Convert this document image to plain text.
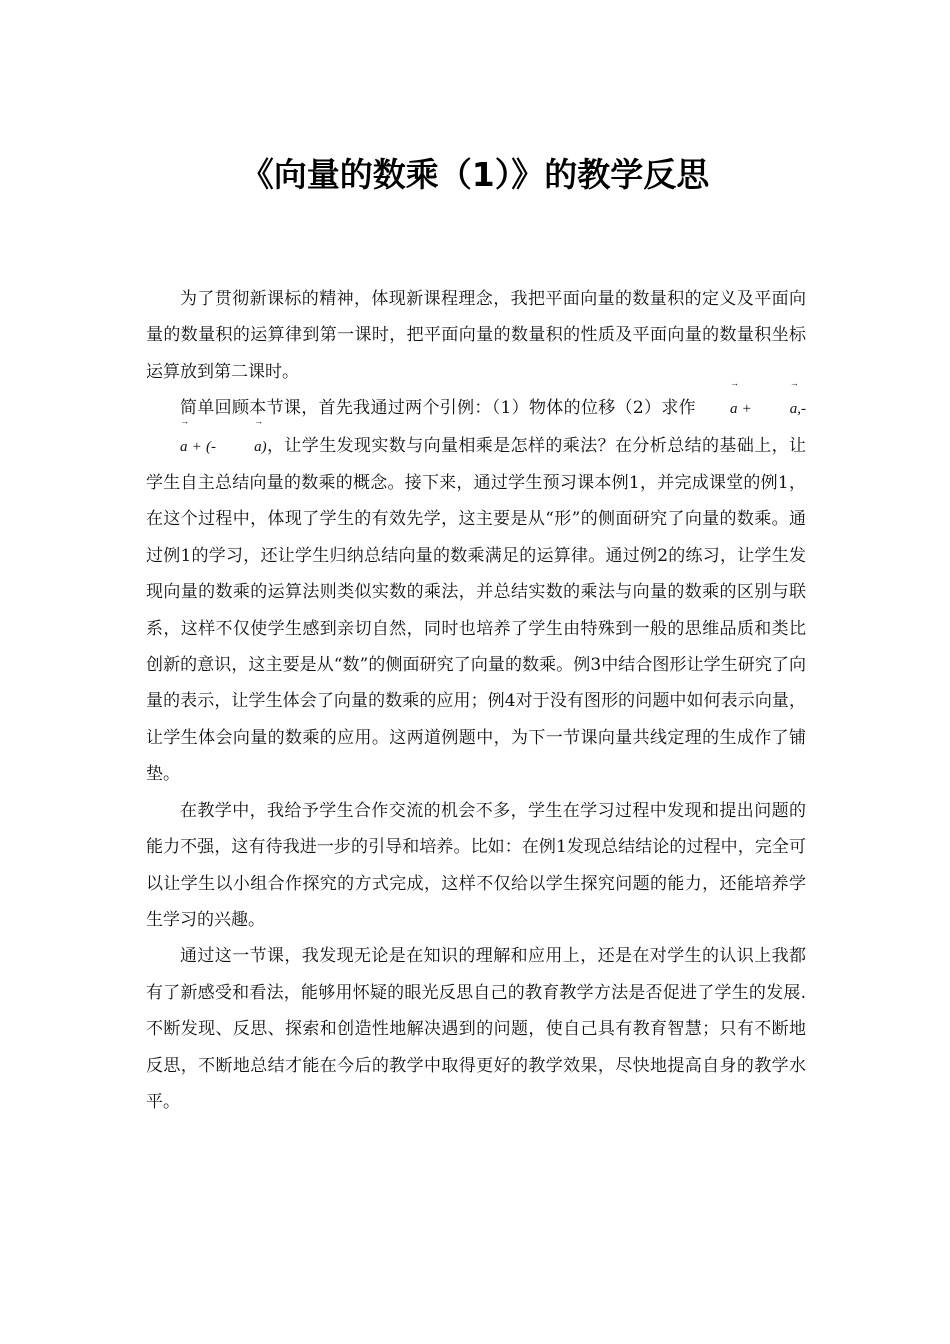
《向量的数乘（1）》的教学反思

为了贯彻新课标的精神，体现新课程理念，我把平面向量的数量积的定义及平面向量的数量积的运算律到第一课时，把平面向量的数量积的性质及平面向量的数量积坐标运算放到第二课时。

简单回顾本节课，首先我通过两个引例：（1）物体的位移（2）求作 → a +	→ a,- → a + (-	→ a)，让学生发现实数与向量相乘是怎样的乘法？在分析总结的基础上，让学生自主总结向量的数乘的概念。接下来，通过学生预习课本例1，并完成课堂的例1，在这个过程中，体现了学生的有效先学，这主要是从“形”的侧面研究了向量的数乘。通过例1的学习，还让学生归纳总结向量的数乘满足的运算律。通过例2的练习，让学生发现向量的数乘的运算法则类似实数的乘法，并总结实数的乘法与向量的数乘的区别与联系，这样不仅使学生感到亲切自然，同时也培养了学生由特殊到一般的思维品质和类比创新的意识，这主要是从“数”的侧面研究了向量的数乘。例3中结合图形让学生研究了向量的表示，让学生体会了向量的数乘的应用；例4对于没有图形的问题中如何表示向量，让学生体会向量的数乘的应用。这两道例题中，为下一节课向量共线定理的生成作了铺垫。

在教学中，我给予学生合作交流的机会不多，学生在学习过程中发现和提出问题的能力不强，这有待我进一步的引导和培养。比如：在例1发现总结结论的过程中，完全可以让学生以小组合作探究的方式完成，这样不仅给以学生探究问题的能力，还能培养学生学习的兴趣。

通过这一节课，我发现无论是在知识的理解和应用上，还是在对学生的认识上我都有了新感受和看法，能够用怀疑的眼光反思自己的教育教学方法是否促进了学生的发展. 不断发现、反思、探索和创造性地解决遇到的问题，使自己具有教育智慧；只有不断地反思，不断地总结才能在今后的教学中取得更好的教学效果，尽快地提高自身的教学水平。
